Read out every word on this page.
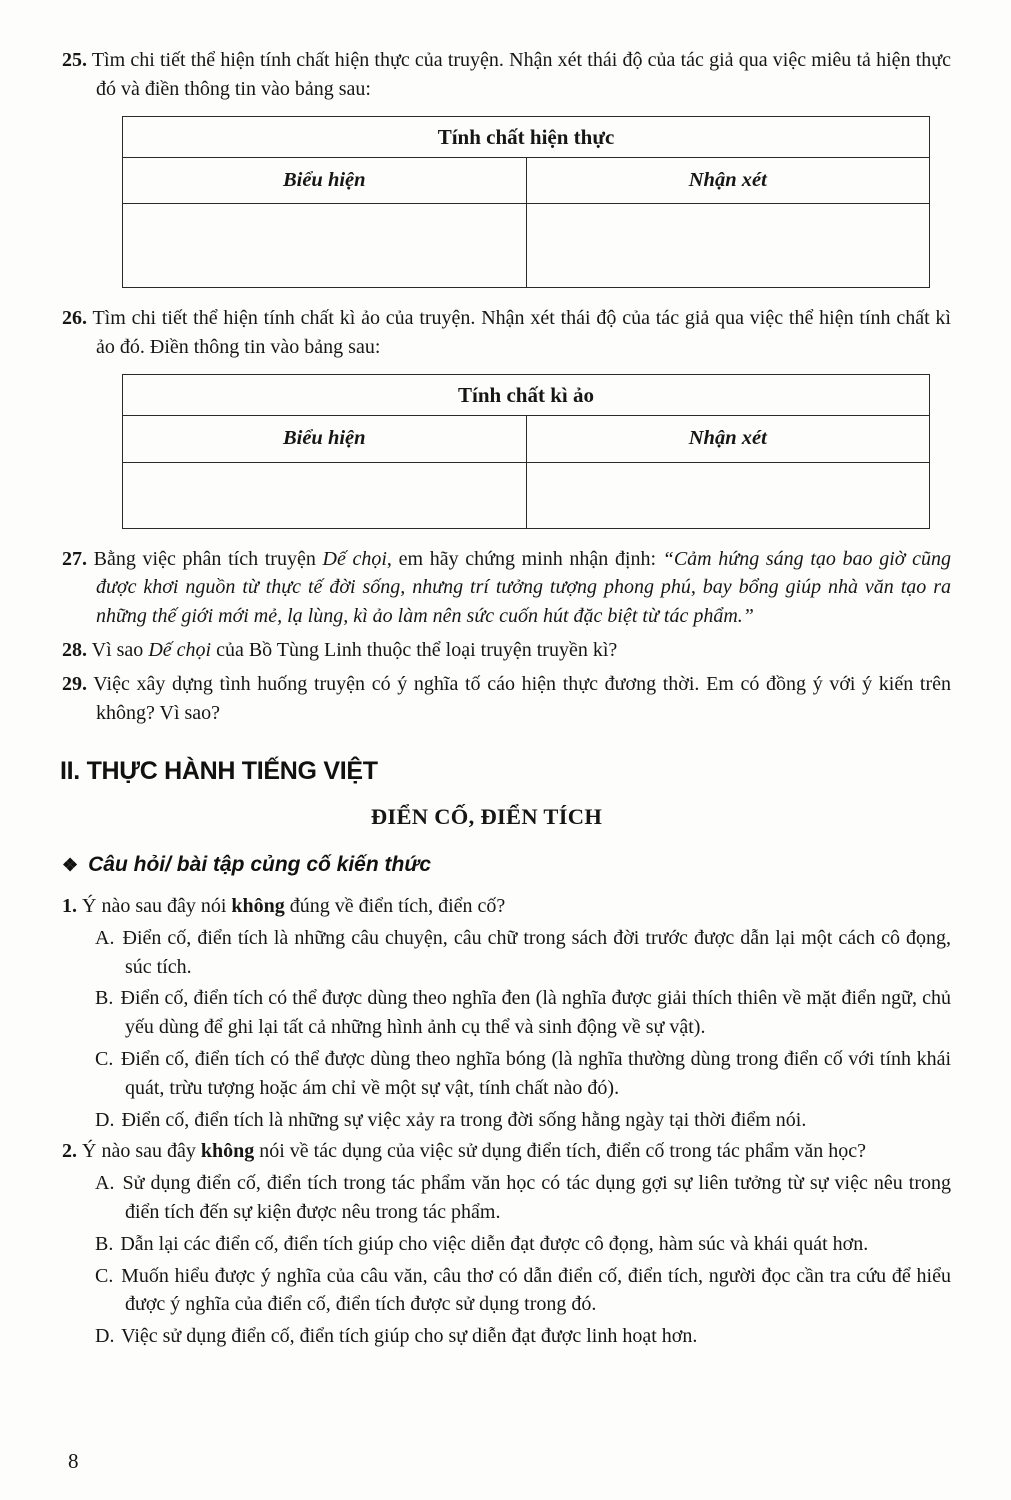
25. Tìm chi tiết thể hiện tính chất hiện thực của truyện. Nhận xét thái độ của tác giả qua việc miêu tả hiện thực đó và điền thông tin vào bảng sau:

Tính chất hiện thực	
Biểu hiện	Nhận xét

26. Tìm chi tiết thể hiện tính chất kì ảo của truyện. Nhận xét thái độ của tác giả qua việc thể hiện tính chất kì ảo đó. Điền thông tin vào bảng sau:

Tính chất kì ảo	
Biểu hiện	Nhận xét

27. Bằng việc phân tích truyện Dế chọi, em hãy chứng minh nhận định: “Cảm hứng sáng tạo bao giờ cũng được khơi nguồn từ thực tế đời sống, nhưng trí tưởng tượng phong phú, bay bổng giúp nhà văn tạo ra những thế giới mới mẻ, lạ lùng, kì ảo làm nên sức cuốn hút đặc biệt từ tác phẩm.”

28. Vì sao Dế chọi của Bồ Tùng Linh thuộc thể loại truyện truyền kì?

29. Việc xây dựng tình huống truyện có ý nghĩa tố cáo hiện thực đương thời. Em có đồng ý với ý kiến trên không? Vì sao?

II. THỰC HÀNH TIẾNG VIỆT
ĐIỂN CỐ, ĐIỂN TÍCH

❖ Câu hỏi/ bài tập củng cố kiến thức

1. Ý nào sau đây nói không đúng về điển tích, điển cố?

A. Điển cố, điển tích là những câu chuyện, câu chữ trong sách đời trước được dẫn lại một cách cô đọng, súc tích.

B. Điển cố, điển tích có thể được dùng theo nghĩa đen (là nghĩa được giải thích thiên về mặt điển ngữ, chủ yếu dùng để ghi lại tất cả những hình ảnh cụ thể và sinh động về sự vật).

C. Điển cố, điển tích có thể được dùng theo nghĩa bóng (là nghĩa thường dùng trong điển cố với tính khái quát, trừu tượng hoặc ám chỉ về một sự vật, tính chất nào đó).

D. Điển cố, điển tích là những sự việc xảy ra trong đời sống hằng ngày tại thời điểm nói.

2. Ý nào sau đây không nói về tác dụng của việc sử dụng điển tích, điển cố trong tác phẩm văn học?

A. Sử dụng điển cố, điển tích trong tác phẩm văn học có tác dụng gợi sự liên tưởng từ sự việc nêu trong điển tích đến sự kiện được nêu trong tác phẩm.

B. Dẫn lại các điển cố, điển tích giúp cho việc diễn đạt được cô đọng, hàm súc và khái quát hơn.

C. Muốn hiểu được ý nghĩa của câu văn, câu thơ có dẫn điển cố, điển tích, người đọc cần tra cứu để hiểu được ý nghĩa của điển cố, điển tích được sử dụng trong đó.

D. Việc sử dụng điển cố, điển tích giúp cho sự diễn đạt được linh hoạt hơn.

8
